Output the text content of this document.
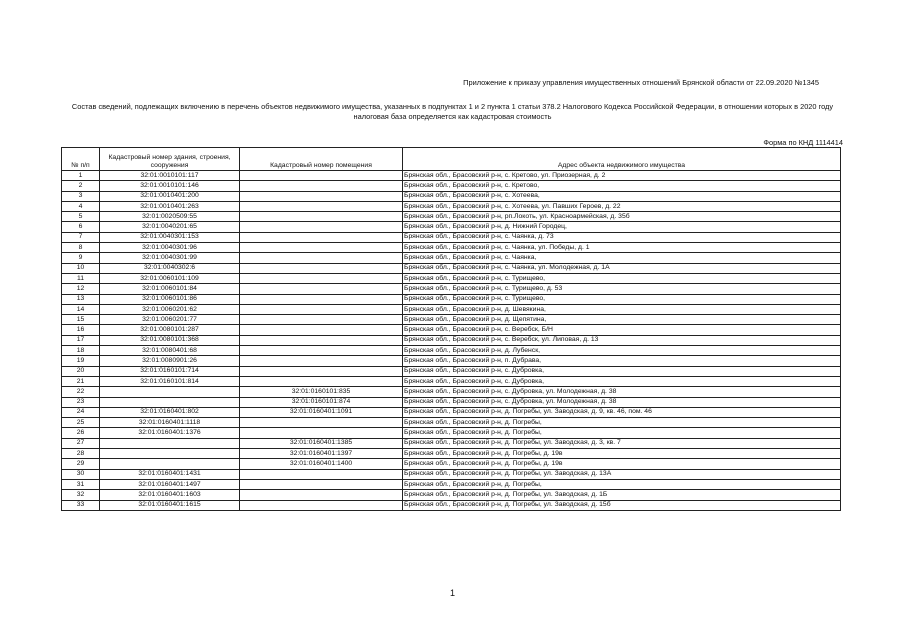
Приложение к приказу управления имущественных отношений Брянской области от 22.09.2020 №1345
Состав сведений, подлежащих включению в перечень объектов недвижимого имущества, указанных в подпунктах 1 и 2 пункта 1 статьи 378.2 Налогового Кодекса Российской Федерации, в отношении которых в 2020 году налоговая база определяется как кадастровая стоимость
Форма по КНД 1114414
№ п/п	Кадастровый номер здания, строения, сооружения	Кадастровый номер помещения	Адрес объекта недвижимого имущества
1	32:01:0010101:117		Брянская обл., Брасовский р-н, с. Кретово, ул. Приозерная, д. 2
2	32:01:0010101:146		Брянская обл., Брасовский р-н, с. Кретово,
3	32:01:0010401:200		Брянская обл., Брасовский р-н, с. Хотеева,
4	32:01:0010401:263		Брянская обл., Брасовский р-н, с. Хотеева, ул. Павших Героев, д. 22
5	32:01:0020509:55		Брянская обл., Брасовский р-н, рп.Локоть, ул. Красноармейская, д. 35б
6	32:01:0040201:65		Брянская обл., Брасовский р-н, д. Нижний Городец,
7	32:01:0040301:153		Брянская обл., Брасовский р-н, с. Чаянка, д. 73
8	32:01:0040301:96		Брянская обл., Брасовский р-н, с. Чаянка, ул. Победы, д. 1
9	32:01:0040301:99		Брянская обл., Брасовский р-н, с. Чаянка,
10	32:01:0040302:6		Брянская обл., Брасовский р-н, с. Чаянка, ул. Молодежная, д. 1А
11	32:01:0060101:109		Брянская обл., Брасовский р-н, с. Турищево,
12	32:01:0060101:84		Брянская обл., Брасовский р-н, с. Турищево, д. 53
13	32:01:0060101:86		Брянская обл., Брасовский р-н, с. Турищево,
14	32:01:0060201:62		Брянская обл., Брасовский р-н, д. Шевякина,
15	32:01:0060201:77		Брянская обл., Брасовский р-н, д. Щепятина,
16	32:01:0080101:287		Брянская обл., Брасовский р-н, с. Веребск, Б/Н
17	32:01:0080101:368		Брянская обл., Брасовский р-н, с. Веребск, ул. Липовая, д. 13
18	32:01:0080401:68		Брянская обл., Брасовский р-н, д. Лубенск,
19	32:01:0080901:26		Брянская обл., Брасовский р-н, п. Дубрава,
20	32:01:0160101:714		Брянская обл., Брасовский р-н, с. Дубровка,
21	32:01:0160101:814		Брянская обл., Брасовский р-н, с. Дубровка,
22		32:01:0160101:835	Брянская обл., Брасовский р-н, с. Дубровка, ул. Молодежная, д. 38
23		32:01:0160101:874	Брянская обл., Брасовский р-н, с. Дубровка, ул. Молодежная, д. 38
24	32:01:0160401:802	32:01:0160401:1091	Брянская обл., Брасовский р-н, д. Погребы, ул. Заводская, д. 9, кв. 46, пом. 46
25	32:01:0160401:1118		Брянская обл., Брасовский р-н, д. Погребы,
26	32:01:0160401:1376		Брянская обл., Брасовский р-н, д. Погребы,
27		32:01:0160401:1385	Брянская обл., Брасовский р-н, д. Погребы, ул. Заводская, д. 3, кв. 7
28		32:01:0160401:1397	Брянская обл., Брасовский р-н, д. Погребы, д. 19в
29		32:01:0160401:1400	Брянская обл., Брасовский р-н, д. Погребы, д. 19в
30	32:01:0160401:1431		Брянская обл., Брасовский р-н, д. Погребы, ул. Заводская, д. 13А
31	32:01:0160401:1497		Брянская обл., Брасовский р-н, д. Погребы,
32	32:01:0160401:1603		Брянская обл., Брасовский р-н, д. Погребы, ул. Заводская, д. 1Б
33	32:01:0160401:1615		Брянская обл., Брасовский р-н, д. Погребы, ул. Заводская, д. 15б
1
